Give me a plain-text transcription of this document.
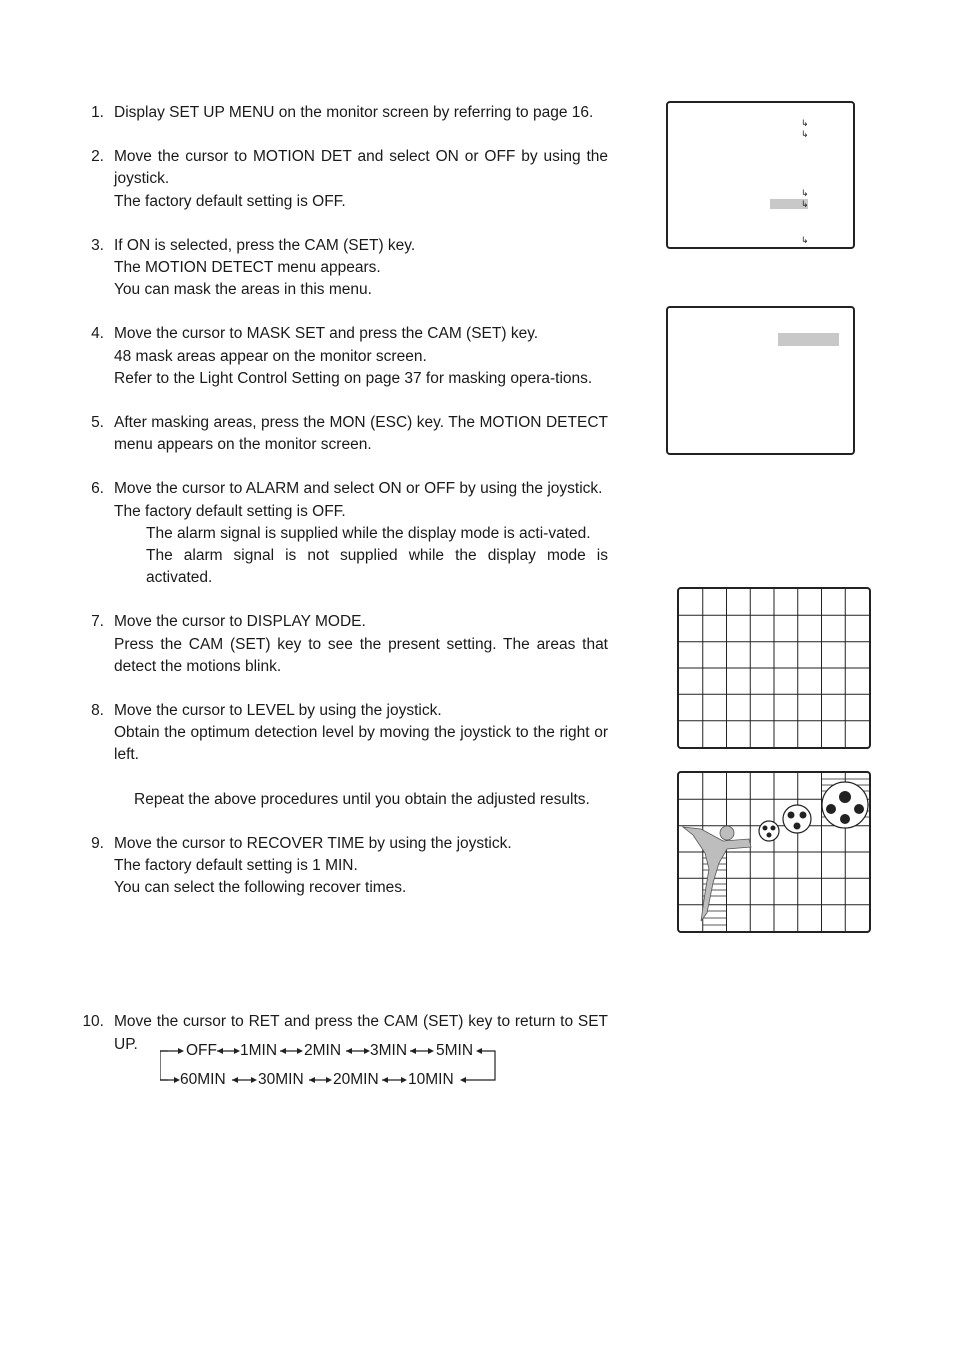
1. Display SET UP MENU on the monitor screen by referring to page 16.

2. Move the cursor to MOTION DET and select ON or OFF by using the joystick.

The factory default setting is OFF.

3. If ON is selected, press the CAM (SET) key.

The MOTION DETECT menu appears.

You can mask the areas in this menu.

4. Move the cursor to MASK SET and press the CAM (SET) key.

48 mask areas appear on the monitor screen.

Refer to the Light Control Setting on page 37 for masking opera-tions.

5. After masking areas, press the MON (ESC) key. The MOTION DETECT menu appears on the monitor screen.

6. Move the cursor to ALARM and select ON or OFF by using the joystick.

The factory default setting is OFF.

The alarm signal is supplied while the display mode is acti-vated.

The alarm signal is not supplied while the display mode is activated.

7. Move the cursor to DISPLAY MODE.

Press the CAM (SET) key to see the present setting. The areas that detect the motions blink.

8. Move the cursor to LEVEL by using the joystick.

Obtain the optimum detection level by moving the joystick to the right or left.

Repeat the above procedures until you obtain the adjusted results.

9. Move the cursor to RECOVER TIME by using the joystick.

The factory default setting is 1 MIN.

You can select the following recover times.

10. Move the cursor to RET and press the CAM (SET) key to return to SET UP.	OFF 1MIN 2MIN 3MIN 5MIN
60MIN 30MIN 20MIN 10MIN
↳
↳
↳
↳
↳
